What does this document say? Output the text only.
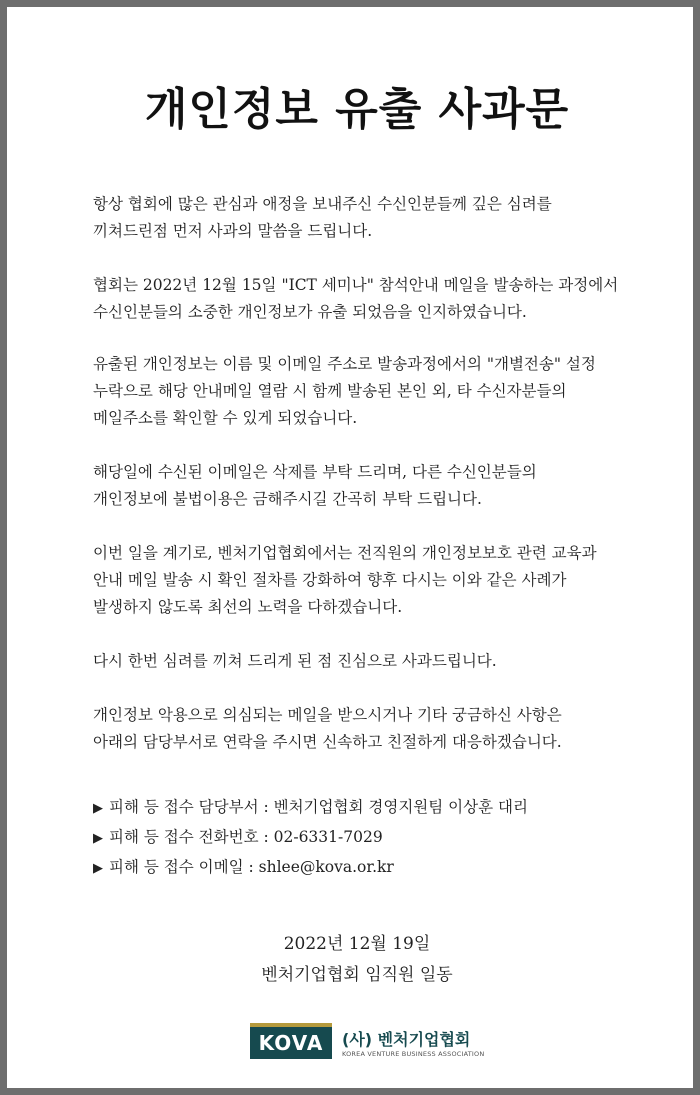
개인정보 유출 사과문
항상 협회에 많은 관심과 애정을 보내주신 수신인분들께 깊은 심려를
끼쳐드린점 먼저 사과의 말씀을 드립니다.
협회는 2022년 12월 15일 "ICT 세미나" 참석안내 메일을 발송하는 과정에서
수신인분들의 소중한 개인정보가 유출 되었음을 인지하였습니다.
유출된 개인정보는 이름 및 이메일 주소로 발송과정에서의 "개별전송" 설정
누락으로 해당 안내메일 열람 시 함께 발송된 본인 외, 타 수신자분들의
메일주소를 확인할 수 있게 되었습니다.
해당일에 수신된 이메일은 삭제를 부탁 드리며, 다른 수신인분들의
개인정보에 불법이용은 금해주시길 간곡히 부탁 드립니다.
이번 일을 계기로, 벤처기업협회에서는 전직원의 개인정보보호 관련 교육과
안내 메일 발송 시 확인 절차를 강화하여 향후 다시는 이와 같은 사례가
발생하지 않도록 최선의 노력을 다하겠습니다.
다시 한번 심려를 끼쳐 드리게 된 점 진심으로 사과드립니다.
개인정보 악용으로 의심되는 메일을 받으시거나 기타 궁금하신 사항은
아래의 담당부서로 연락을 주시면 신속하고 친절하게 대응하겠습니다.
▶ 피해 등 접수 담당부서 : 벤처기업협회 경영지원팀 이상훈 대리
▶ 피해 등 접수 전화번호 : 02-6331-7029
▶ 피해 등 접수 이메일 : shlee@kova.or.kr
2022년 12월 19일
벤처기업협회 임직원 일동
KOVA	(사) 벤처기업협회
KOREA VENTURE BUSINESS ASSOCIATION
